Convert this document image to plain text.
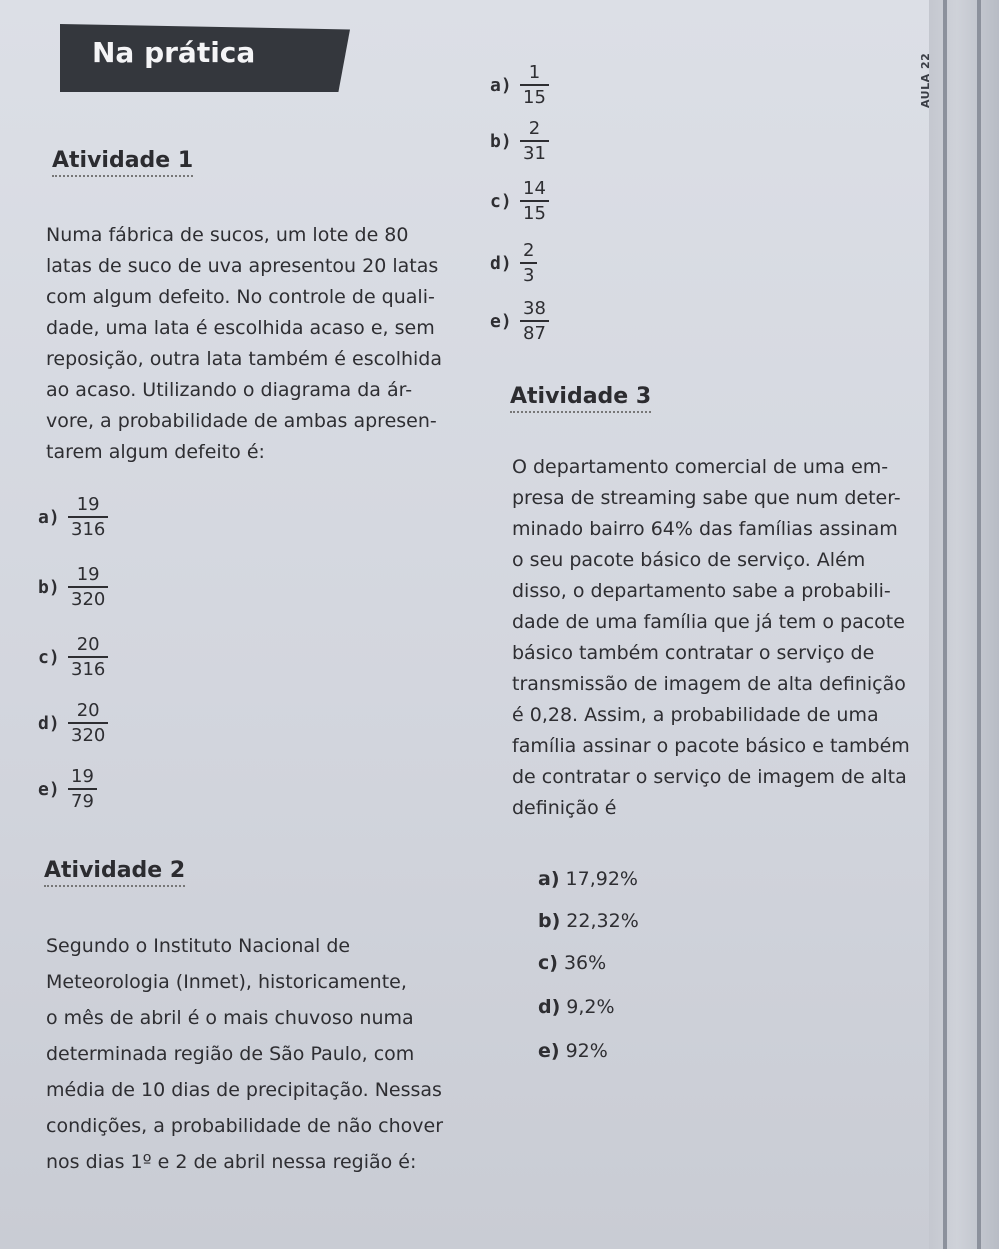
AULA 22
Na prática
Atividade 1
Numa fábrica de sucos, um lote de 80
latas de suco de uva apresentou 20 latas
com algum defeito. No controle de quali-
dade, uma lata é escolhida acaso e, sem
reposição, outra lata também é escolhida
ao acaso. Utilizando o diagrama da ár-
vore, a probabilidade de ambas apresen-
tarem algum defeito é:
$a) \frac{19}{316}$
$b) \frac{19}{320}$
$c) \frac{20}{316}$
$d) \frac{20}{320}$
$e) \frac{19}{79}$
Atividade 2
Segundo o Instituto Nacional de
Meteorologia (Inmet), historicamente,
o mês de abril é o mais chuvoso numa
determinada região de São Paulo, com
média de 10 dias de precipitação. Nessas
condições, a probabilidade de não chover
nos dias 1º e 2 de abril nessa região é:
$a) \frac{1}{15}$
$b) \frac{2}{31}$
$c) \frac{14}{15}$
$d) \frac{2}{3}$
$e) \frac{38}{87}$
Atividade 3
O departamento comercial de uma em-
presa de streaming sabe que num deter-
minado bairro 64% das famílias assinam
o seu pacote básico de serviço. Além
disso, o departamento sabe a probabili-
dade de uma família que já tem o pacote
básico também contratar o serviço de
transmissão de imagem de alta definição
é 0,28. Assim, a probabilidade de uma
família assinar o pacote básico e também
de contratar o serviço de imagem de alta
definição é
a) 17,92%
b) 22,32%
c) 36%
d) 9,2%
e) 92%
